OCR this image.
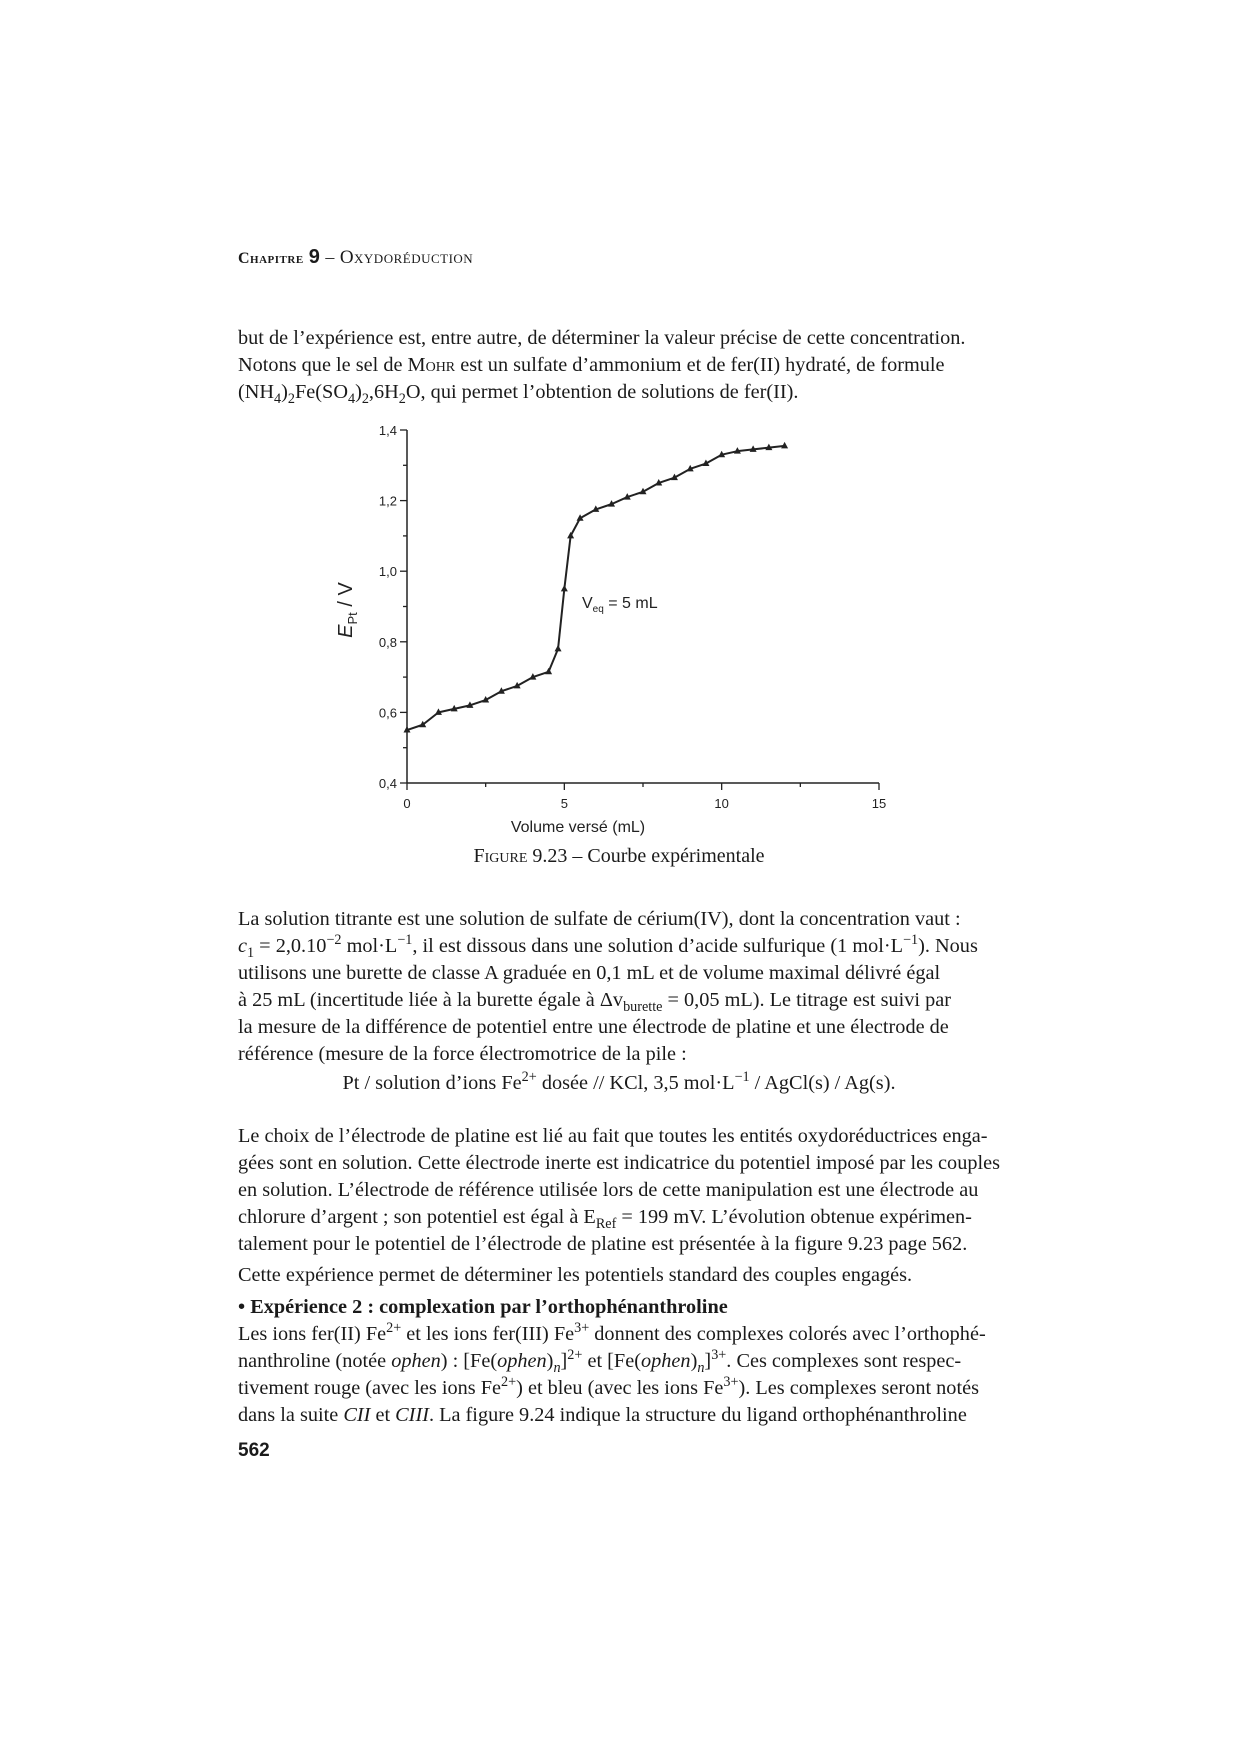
Chapitre 9 – Oxydoréduction

but de l’expérience est, entre autre, de déterminer la valeur précise de cette concentration.

Notons que le sel de Mohr est un sulfate d’ammonium et de fer(II) hydraté, de formule

$(NH_4)_2Fe(SO_4)_2,6H_2O$, qui permet l’obtention de solutions de fer(II).

0	5	10	15
0,4
0,6
0,8
1,0
1,2
1,4
$E_{Pt}$ / V
Volume versé (mL)
$V_{eq} = 5$ mL
Figure 9.23 – Courbe expérimentale

La solution titrante est une solution de sulfate de cérium(IV), dont la concentration vaut :

$c_1 = 2,0.10^{-2}$ $mol\cdot L^{-1}$, il est dissous dans une solution d’acide sulfurique (1 $mol\cdot L^{-1}$). Nous

utilisons une burette de classe A graduée en 0,1 mL et de volume maximal délivré égal

à 25 mL (incertitude liée à la burette égale à $\Delta v_{burette} = 0,05$ mL). Le titrage est suivi par

la mesure de la différence de potentiel entre une électrode de platine et une électrode de

référence (mesure de la force électromotrice de la pile :

Pt / solution d’ions $Fe^{2+}$ dosée // KCl, 3,5 $mol\cdot L^{-1}$ / AgCl(s) / Ag(s).

Le choix de l’électrode de platine est lié au fait que toutes les entités oxydoréductrices enga-

gées sont en solution. Cette électrode inerte est indicatrice du potentiel imposé par les couples

en solution. L’électrode de référence utilisée lors de cette manipulation est une électrode au

chlorure d’argent ; son potentiel est égal à $E_{Ref} = 199$ mV. L’évolution obtenue expérimen-

talement pour le potentiel de l’électrode de platine est présentée à la figure 9.23 page 562.

Cette expérience permet de déterminer les potentiels standard des couples engagés.

• Expérience 2 : complexation par l’orthophénanthroline

Les ions fer(II) $Fe^{2+}$ et les ions fer(III) $Fe^{3+}$ donnent des complexes colorés avec l’orthophé-

nanthroline (notée ophen) : $[Fe(ophen)_n]^{2+}$ et $[Fe(ophen)_n]^{3+}$. Ces complexes sont respec-

tivement rouge (avec les ions $Fe^{2+}$) et bleu (avec les ions $Fe^{3+}$). Les complexes seront notés

dans la suite CII et CIII. La figure 9.24 indique la structure du ligand orthophénanthroline

562
